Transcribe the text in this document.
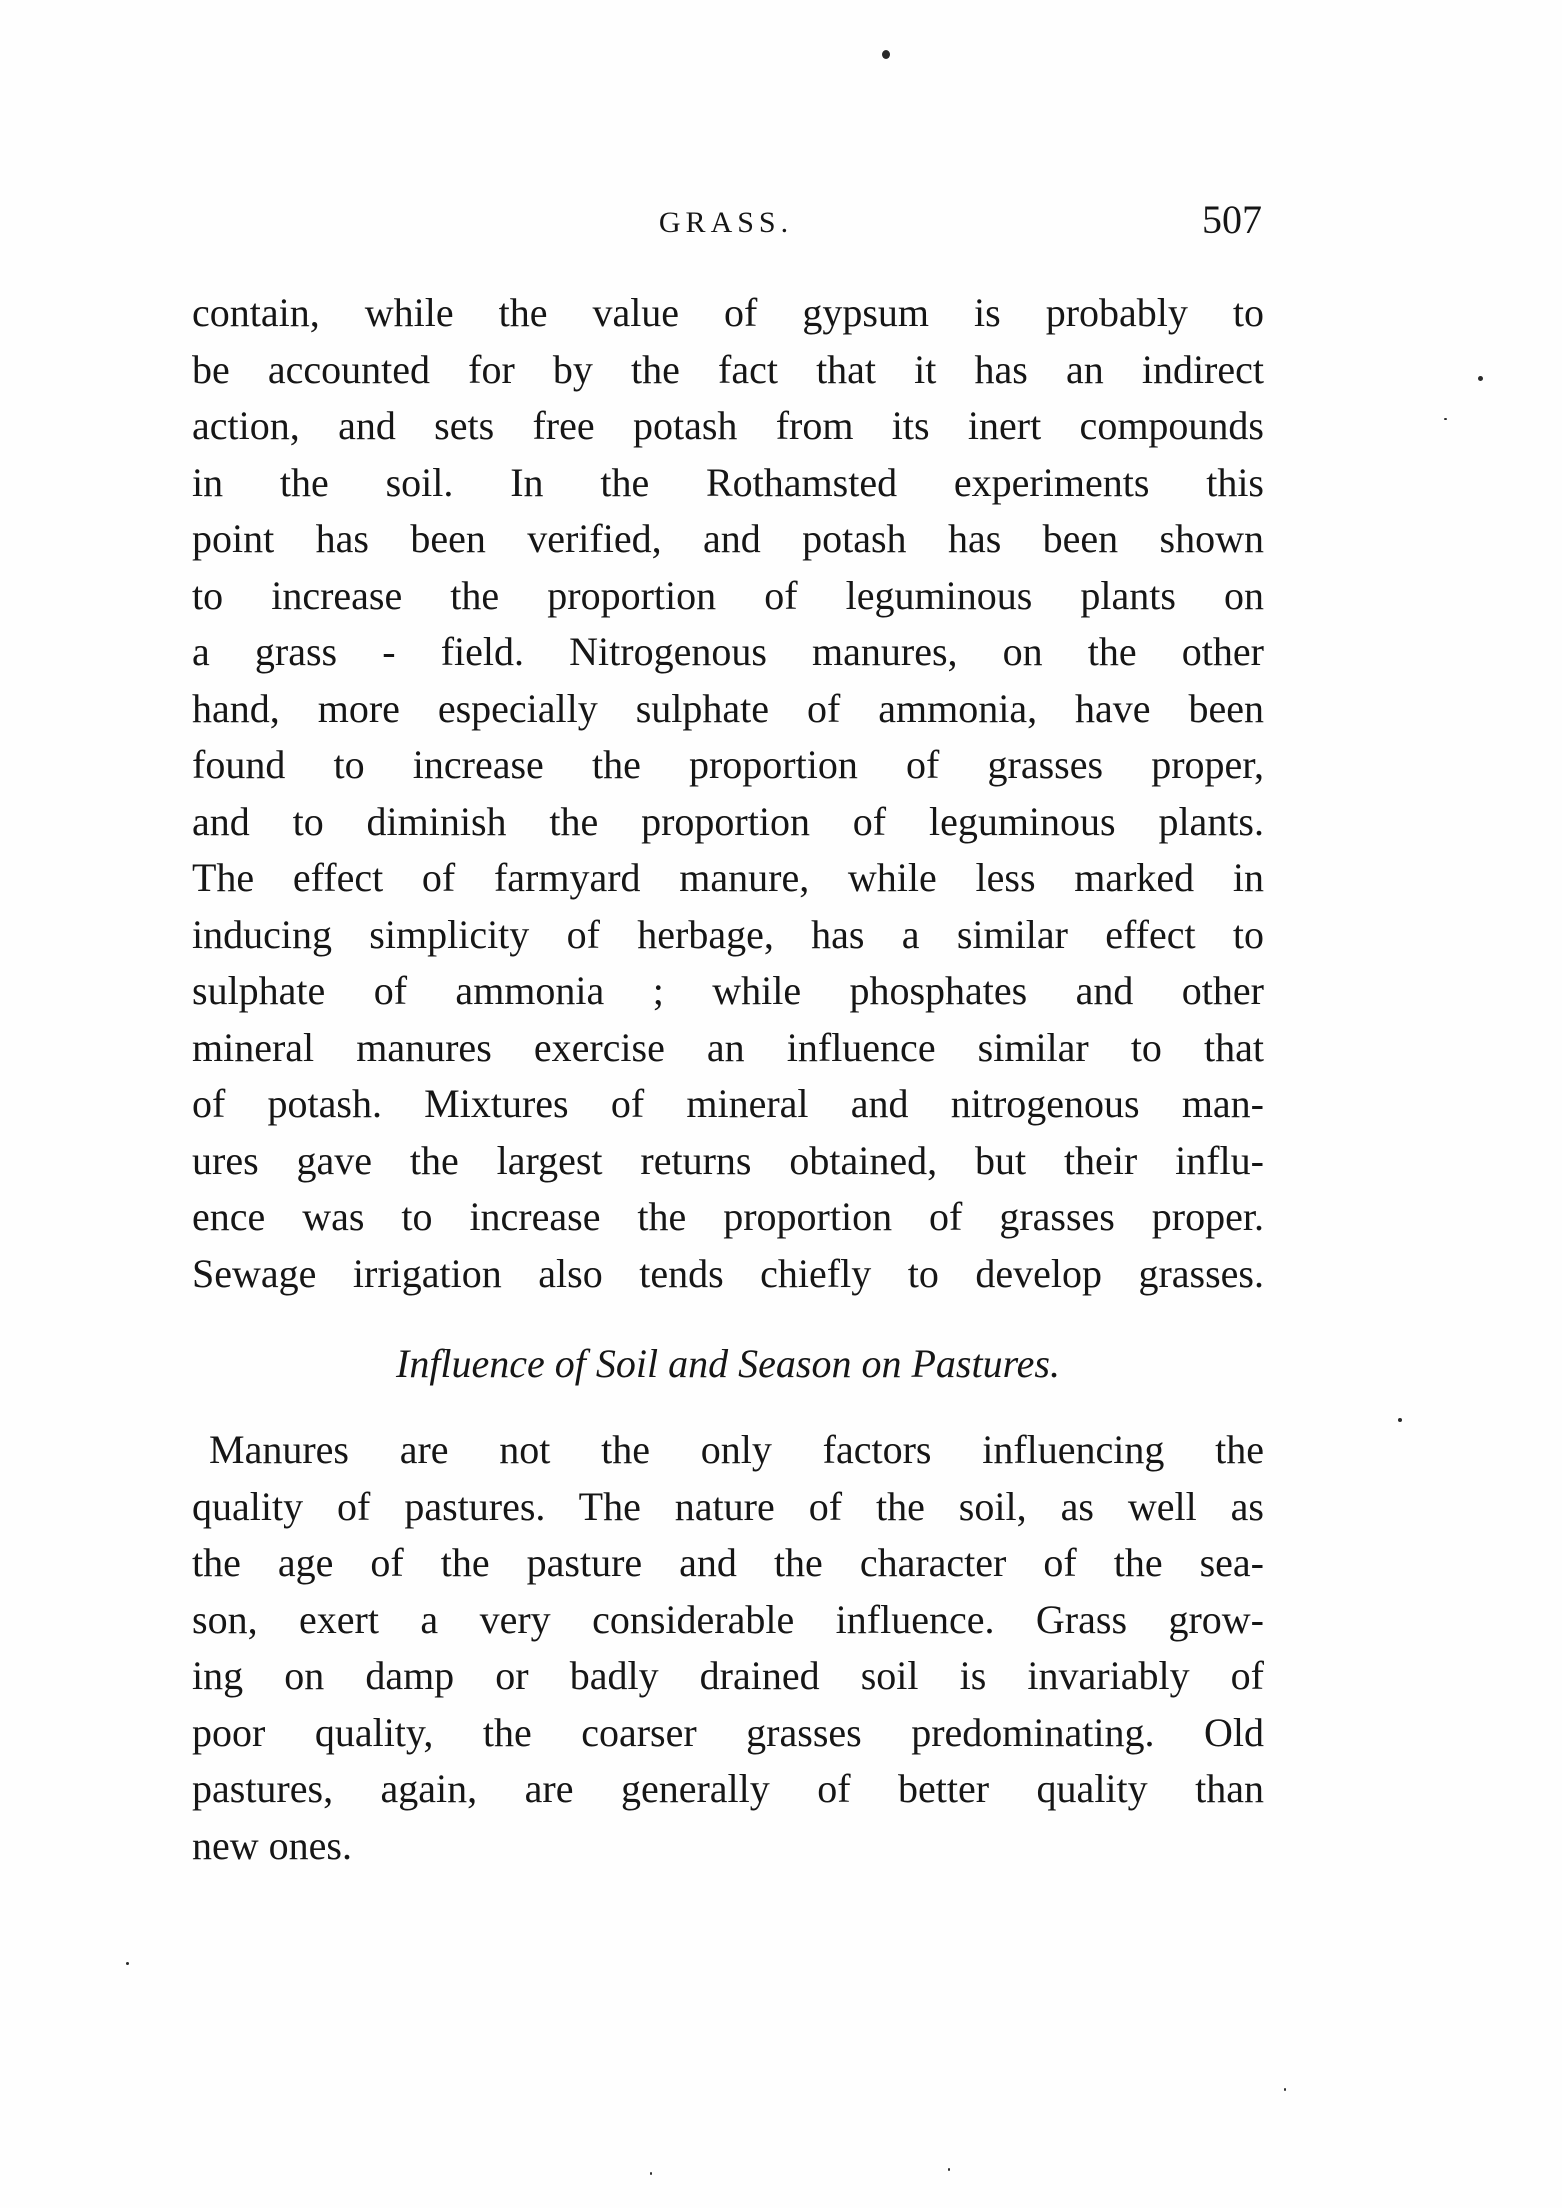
GRASS.	507
contain, while the value of gypsum is probably to
be accounted for by the fact that it has an indirect
action, and sets free potash from its inert compounds
in the soil. In the Rothamsted experiments this
point has been verified, and potash has been shown
to increase the proportion of leguminous plants on
a grass - field. Nitrogenous manures, on the other
hand, more especially sulphate of ammonia, have been
found to increase the proportion of grasses proper,
and to diminish the proportion of leguminous plants.
The effect of farmyard manure, while less marked in
inducing simplicity of herbage, has a similar effect to
sulphate of ammonia ; while phosphates and other
mineral manures exercise an influence similar to that
of potash. Mixtures of mineral and nitrogenous man-
ures gave the largest returns obtained, but their influ-
ence was to increase the proportion of grasses proper.
Sewage irrigation also tends chiefly to develop grasses.
Influence of Soil and Season on Pastures.
Manures are not the only factors influencing the
quality of pastures. The nature of the soil, as well as
the age of the pasture and the character of the sea-
son, exert a very considerable influence. Grass grow-
ing on damp or badly drained soil is invariably of
poor quality, the coarser grasses predominating. Old
pastures, again, are generally of better quality than
new ones.
